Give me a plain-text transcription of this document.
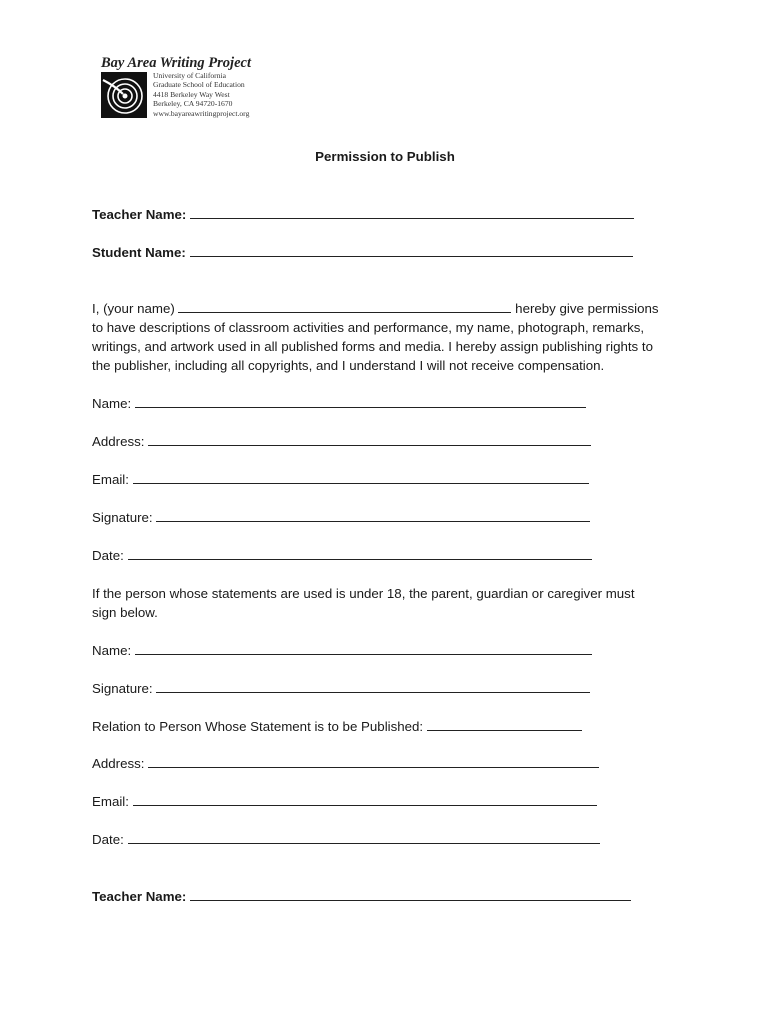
Bay Area Writing Project
University of California
Graduate School of Education
4418 Berkeley Way West
Berkeley, CA 94720-1670
www.bayareawritingproject.org
Permission to Publish
Teacher Name:
Student Name:
I, (your name)	hereby give permissions
to have descriptions of classroom activities and performance, my name, photograph, remarks,
writings, and artwork used in all published forms and media. I hereby assign publishing rights to
the publisher, including all copyrights, and I understand I will not receive compensation.
Name:
Address:
Email:
Signature:
Date:
If the person whose statements are used is under 18, the parent, guardian or caregiver must
sign below.
Name:
Signature:
Relation to Person Whose Statement is to be Published:
Address:
Email:
Date:
Teacher Name:
